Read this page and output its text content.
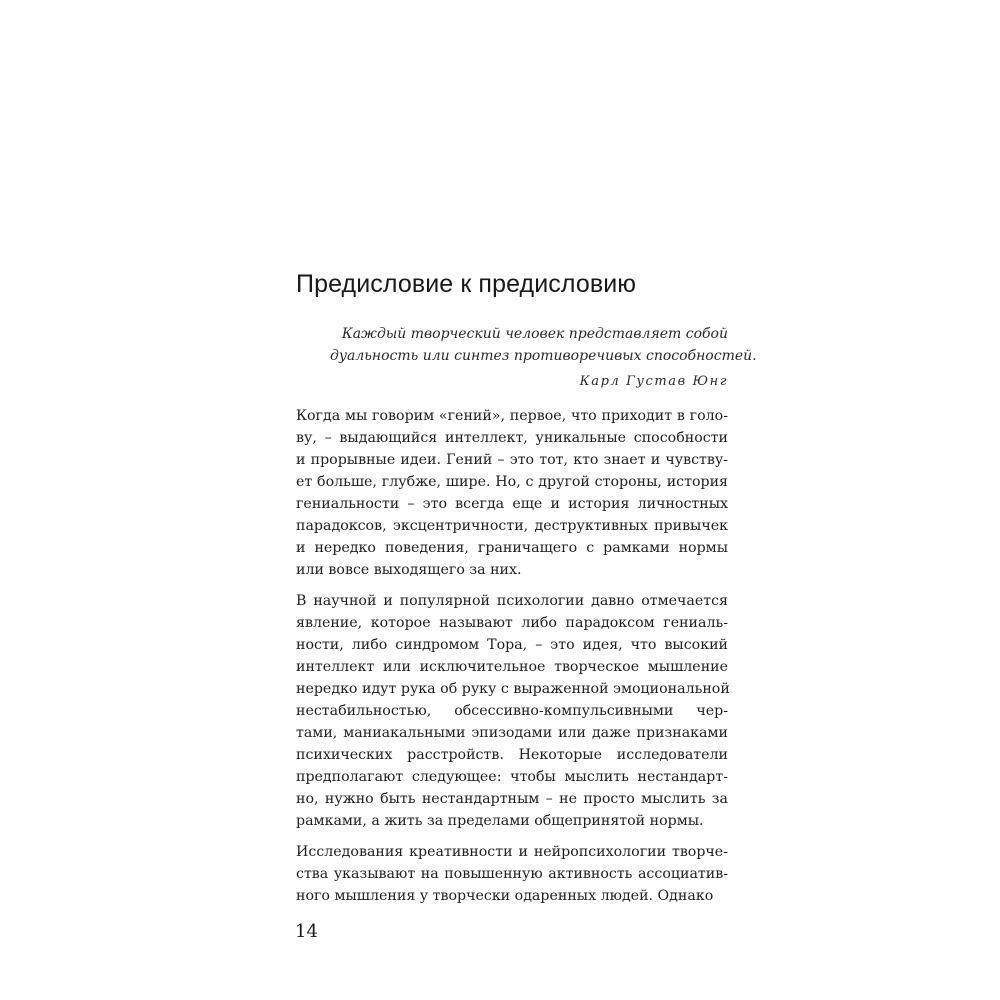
Предисловие к предисловию
Каждый творческий человек представляет собой
дуальность или синтез противоречивых способностей.
Карл Густав Юнг
Когда мы говорим «гений», первое, что приходит в голо-
ву, – выдающийся интеллект, уникальные способности
и прорывные идеи. Гений – это тот, кто знает и чувству-
ет больше, глубже, шире. Но, с другой стороны, история
гениальности – это всегда еще и история личностных
парадоксов, эксцентричности, деструктивных привычек
и нередко поведения, граничащего с рамками нормы
или вовсе выходящего за них.
В научной и популярной психологии давно отмечается
явление, которое называют либо парадоксом гениаль-
ности, либо синдромом Тора, – это идея, что высокий
интеллект или исключительное творческое мышление
нередко идут рука об руку с выраженной эмоциональной
нестабильностью, обсессивно-компульсивными чер-
тами, маниакальными эпизодами или даже признаками
психических расстройств. Некоторые исследователи
предполагают следующее: чтобы мыслить нестандарт-
но, нужно быть нестандартным – не просто мыслить за
рамками, а жить за пределами общепринятой нормы.
Исследования креативности и нейропсихологии творче-
ства указывают на повышенную активность ассоциатив-
ного мышления у творчески одаренных людей. Однако
14
